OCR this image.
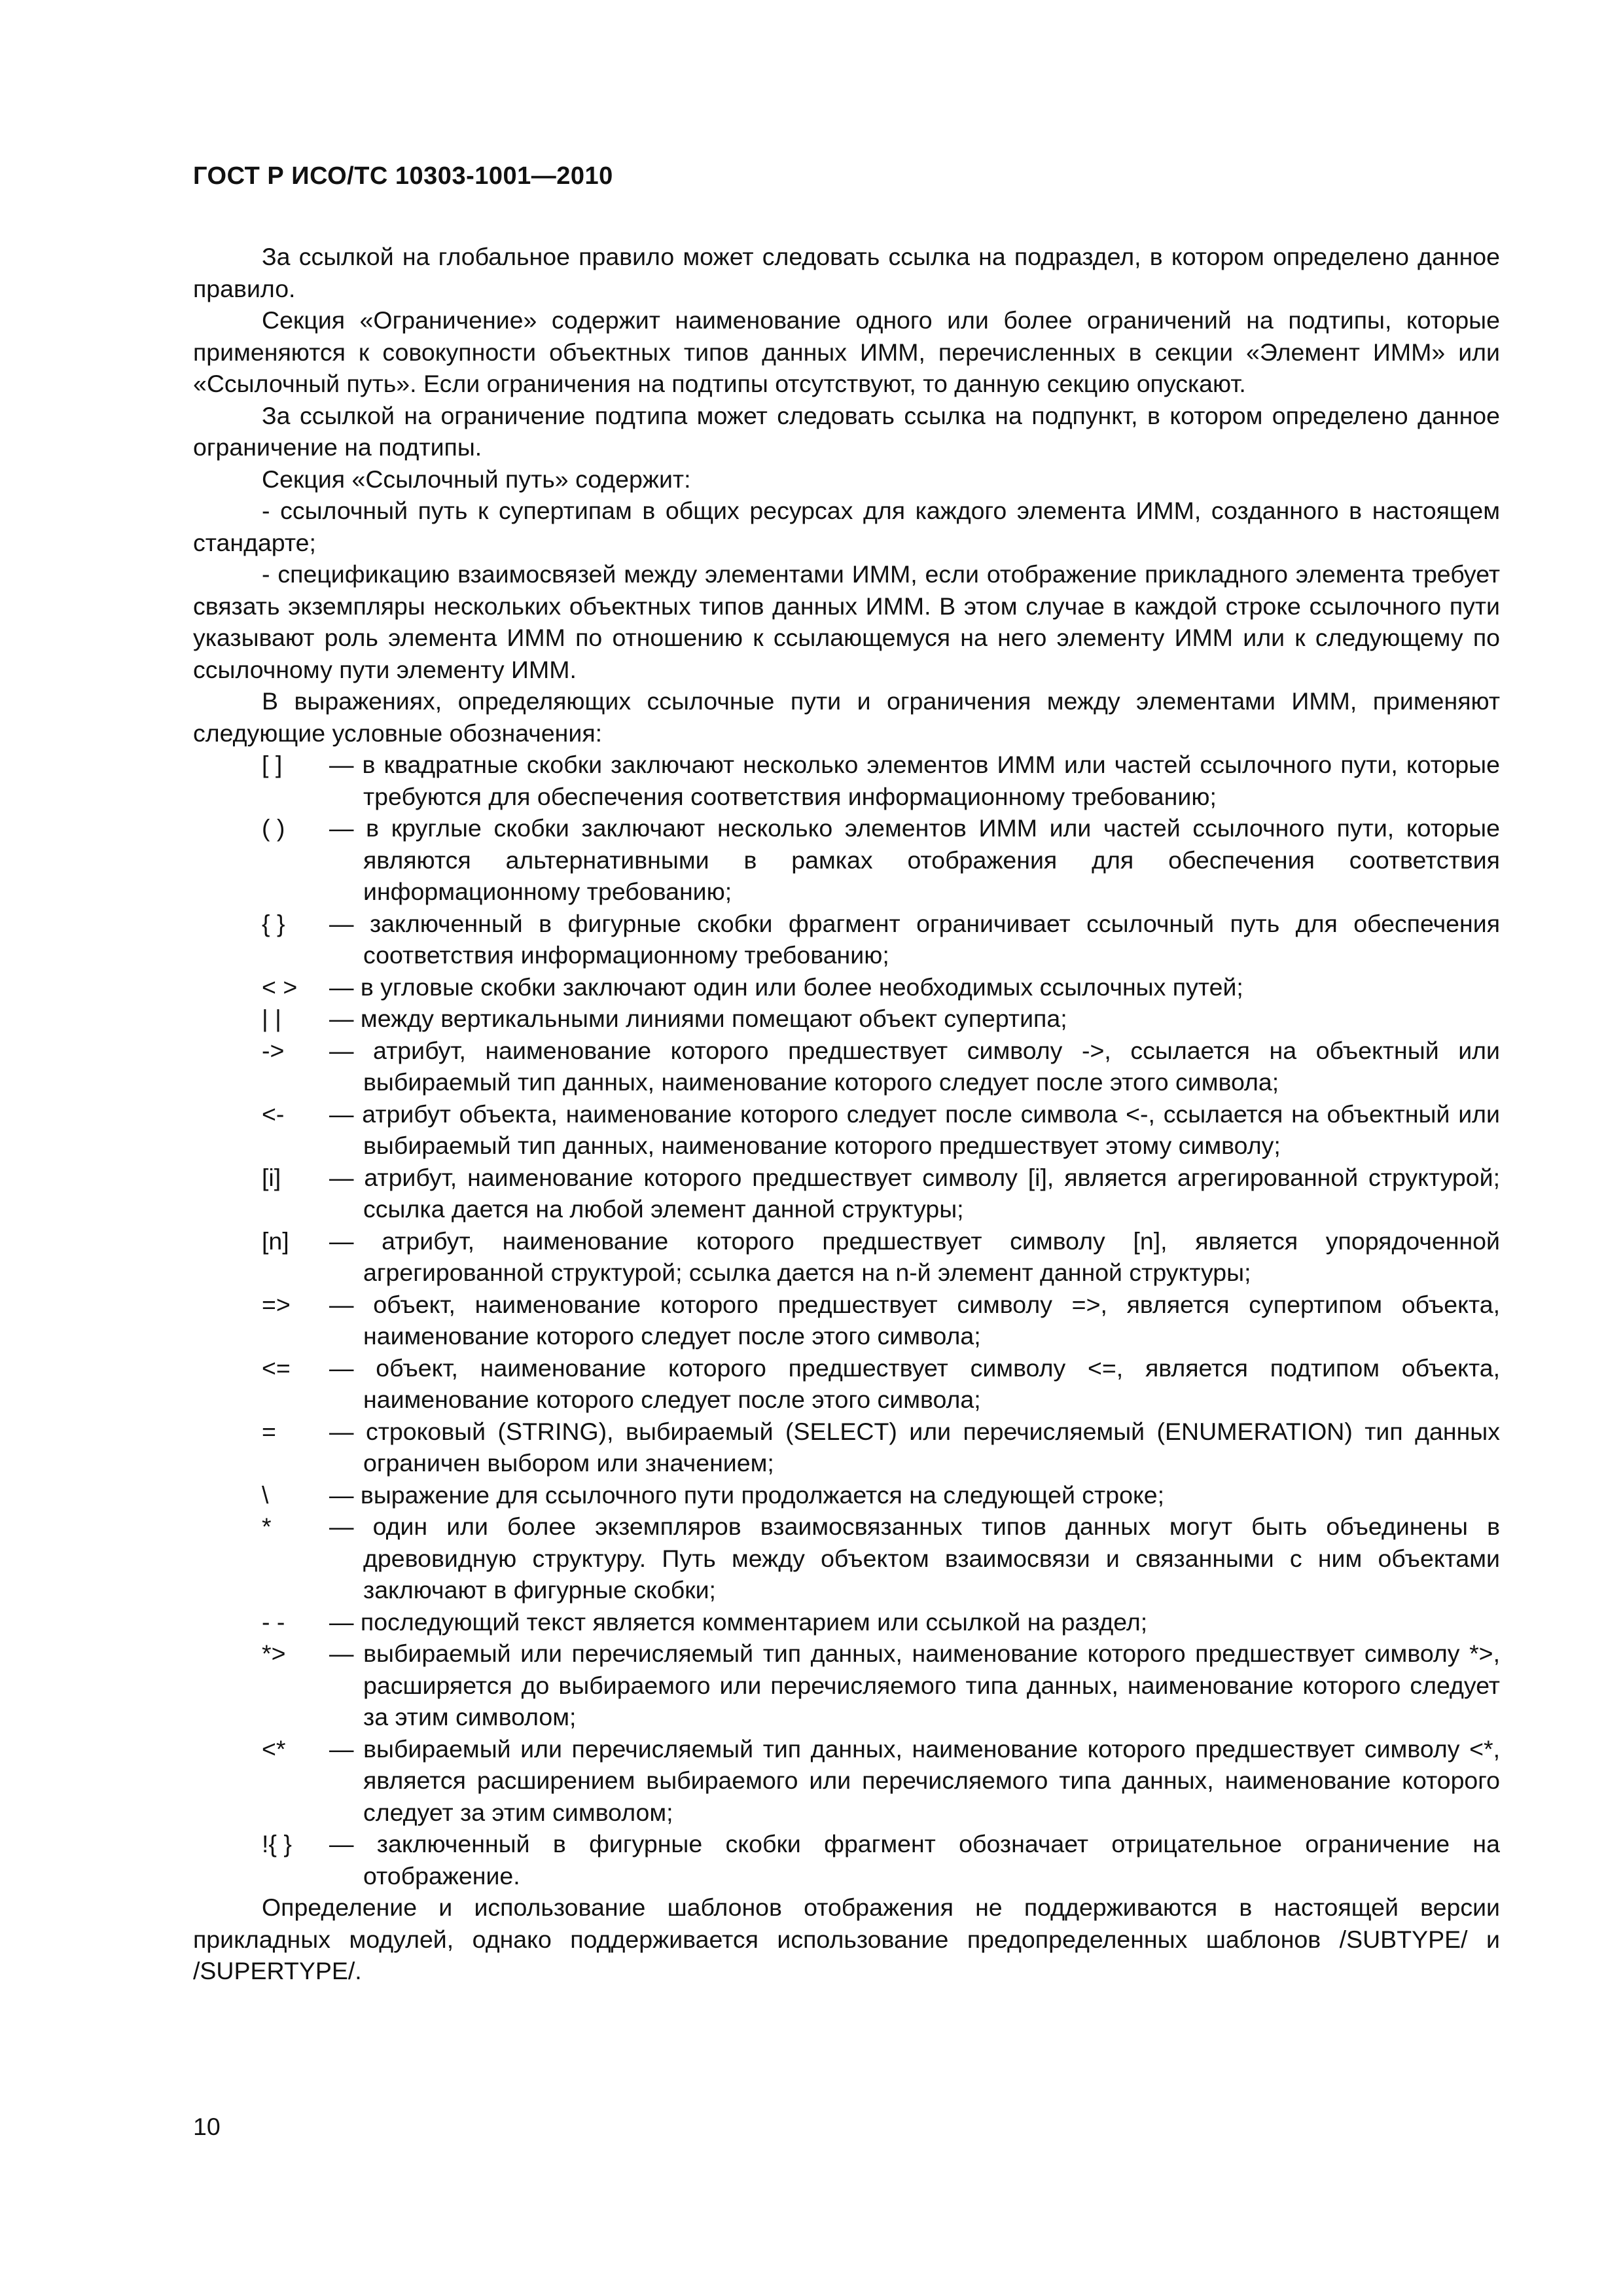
ГОСТ Р ИСО/ТС 10303-1001—2010

За ссылкой на глобальное правило может следовать ссылка на подраздел, в котором определено данное правило.

Секция «Ограничение» содержит наименование одного или более ограничений на подтипы, которые применяются к совокупности объектных типов данных ИММ, перечисленных в секции «Элемент ИММ» или «Ссылочный путь». Если ограничения на подтипы отсутствуют, то данную секцию опускают.

За ссылкой на ограничение подтипа может следовать ссылка на подпункт, в котором определено данное ограничение на подтипы.

Секция «Ссылочный путь» содержит:

- ссылочный путь к супертипам в общих ресурсах для каждого элемента ИММ, созданного в настоящем стандарте;

- спецификацию взаимосвязей между элементами ИММ, если отображение прикладного элемента требует связать экземпляры нескольких объектных типов данных ИММ. В этом случае в каждой строке ссылочного пути указывают роль элемента ИММ по отношению к ссылающемуся на него элементу ИММ или к следующему по ссылочному пути элементу ИММ.

В выражениях, определяющих ссылочные пути и ограничения между элементами ИММ, применяют следующие условные обозначения:

[ ]	— в квадратные скобки заключают несколько элементов ИММ или частей ссылочного пути, которые требуются для обеспечения соответствия информационному требованию;
( )	— в круглые скобки заключают несколько элементов ИММ или частей ссылочного пути, которые являются альтернативными в рамках отображения для обеспечения соответствия информационному требованию;
{ }	— заключенный в фигурные скобки фрагмент ограничивает ссылочный путь для обеспечения соответствия информационному требованию;
< >	— в угловые скобки заключают один или более необходимых ссылочных путей;
| |	— между вертикальными линиями помещают объект супертипа;
->	— атрибут, наименование которого предшествует символу ->, ссылается на объектный или выбираемый тип данных, наименование которого следует после этого символа;
<-	— атрибут объекта, наименование которого следует после символа <-, ссылается на объектный или выбираемый тип данных, наименование которого предшествует этому символу;
[i]	— атрибут, наименование которого предшествует символу [i], является агрегированной структурой; ссылка дается на любой элемент данной структуры;
[n]	— атрибут, наименование которого предшествует символу [n], является упорядоченной агрегированной структурой; ссылка дается на n-й элемент данной структуры;
=>	— объект, наименование которого предшествует символу =>, является супертипом объекта, наименование которого следует после этого символа;
<=	— объект, наименование которого предшествует символу <=, является подтипом объекта, наименование которого следует после этого символа;
=	— строковый (STRING), выбираемый (SELECT) или перечисляемый (ENUMERATION) тип данных ограничен выбором или значением;
\	— выражение для ссылочного пути продолжается на следующей строке;
*	— один или более экземпляров взаимосвязанных типов данных могут быть объединены в древовидную структуру. Путь между объектом взаимосвязи и связанными с ним объектами заключают в фигурные скобки;
- -	— последующий текст является комментарием или ссылкой на раздел;
*>	— выбираемый или перечисляемый тип данных, наименование которого предшествует символу *>, расширяется до выбираемого или перечисляемого типа данных, наименование которого следует за этим символом;
<*	— выбираемый или перечисляемый тип данных, наименование которого предшествует символу <*, является расширением выбираемого или перечисляемого типа данных, наименование которого следует за этим символом;
!{ }	— заключенный в фигурные скобки фрагмент обозначает отрицательное ограничение на отображение.

Определение и использование шаблонов отображения не поддерживаются в настоящей версии прикладных модулей, однако поддерживается использование предопределенных шаблонов /SUBTYPE/ и /SUPERTYPE/.

10
